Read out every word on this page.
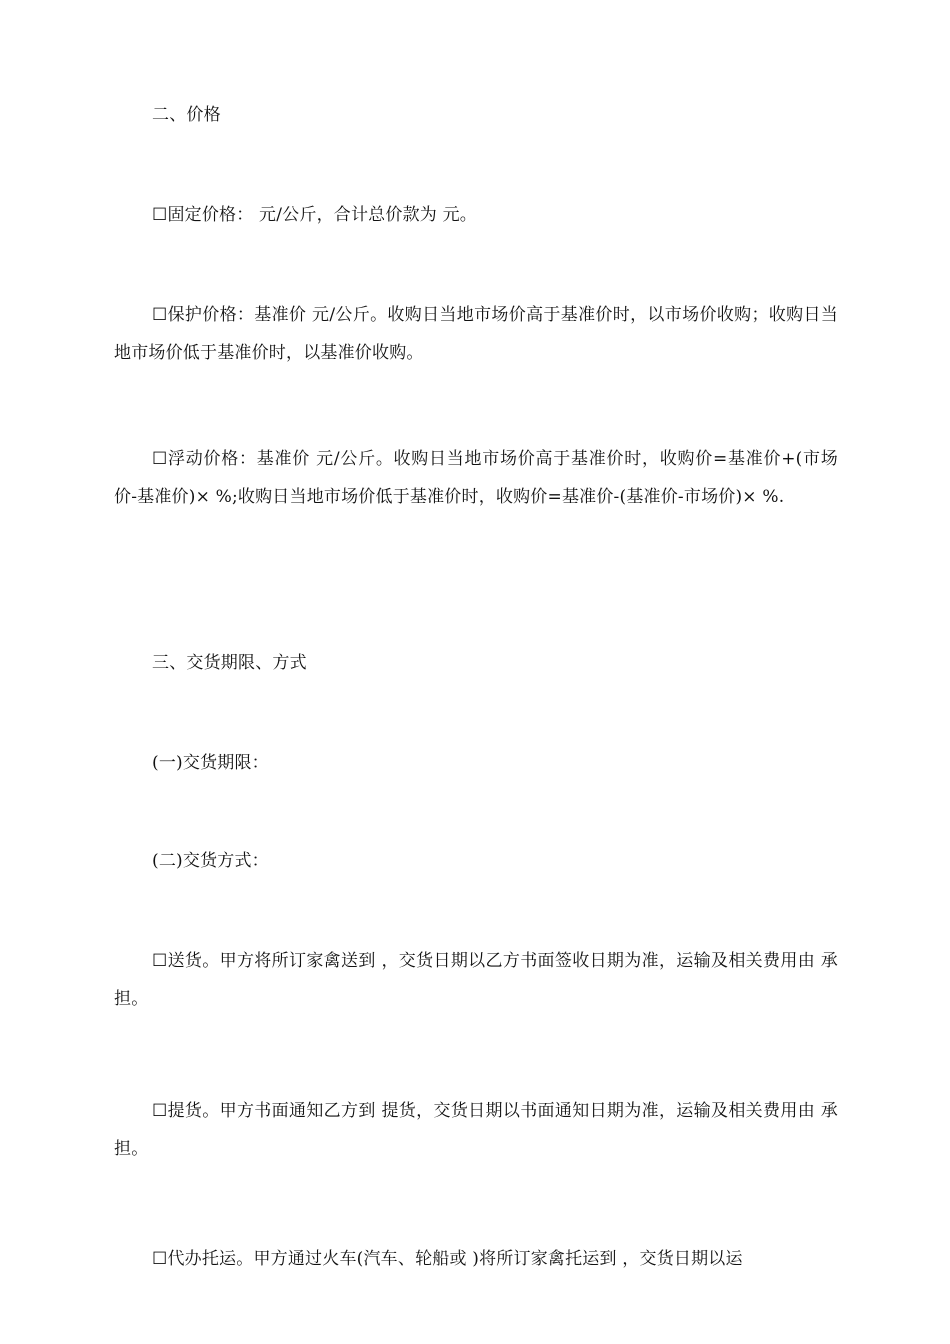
二、价格

☐固定价格： 元/公斤，合计总价款为 元。

☐保护价格：基准价 元/公斤。收购日当地市场价高于基准价时，以市场价收购；收购日当地市场价低于基准价时，以基准价收购。

☐浮动价格：基准价 元/公斤。收购日当地市场价高于基准价时，收购价=基准价+(市场价-基准价)× %;收购日当地市场价低于基准价时，收购价=基准价-(基准价-市场价)× %.

三、交货期限、方式

(一)交货期限：

(二)交货方式：

☐送货。甲方将所订家禽送到 ，交货日期以乙方书面签收日期为准，运输及相关费用由 承担。

☐提货。甲方书面通知乙方到 提货，交货日期以书面通知日期为准，运输及相关费用由 承担。

☐代办托运。甲方通过火车(汽车、轮船或 )将所订家禽托运到 ，交货日期以运
